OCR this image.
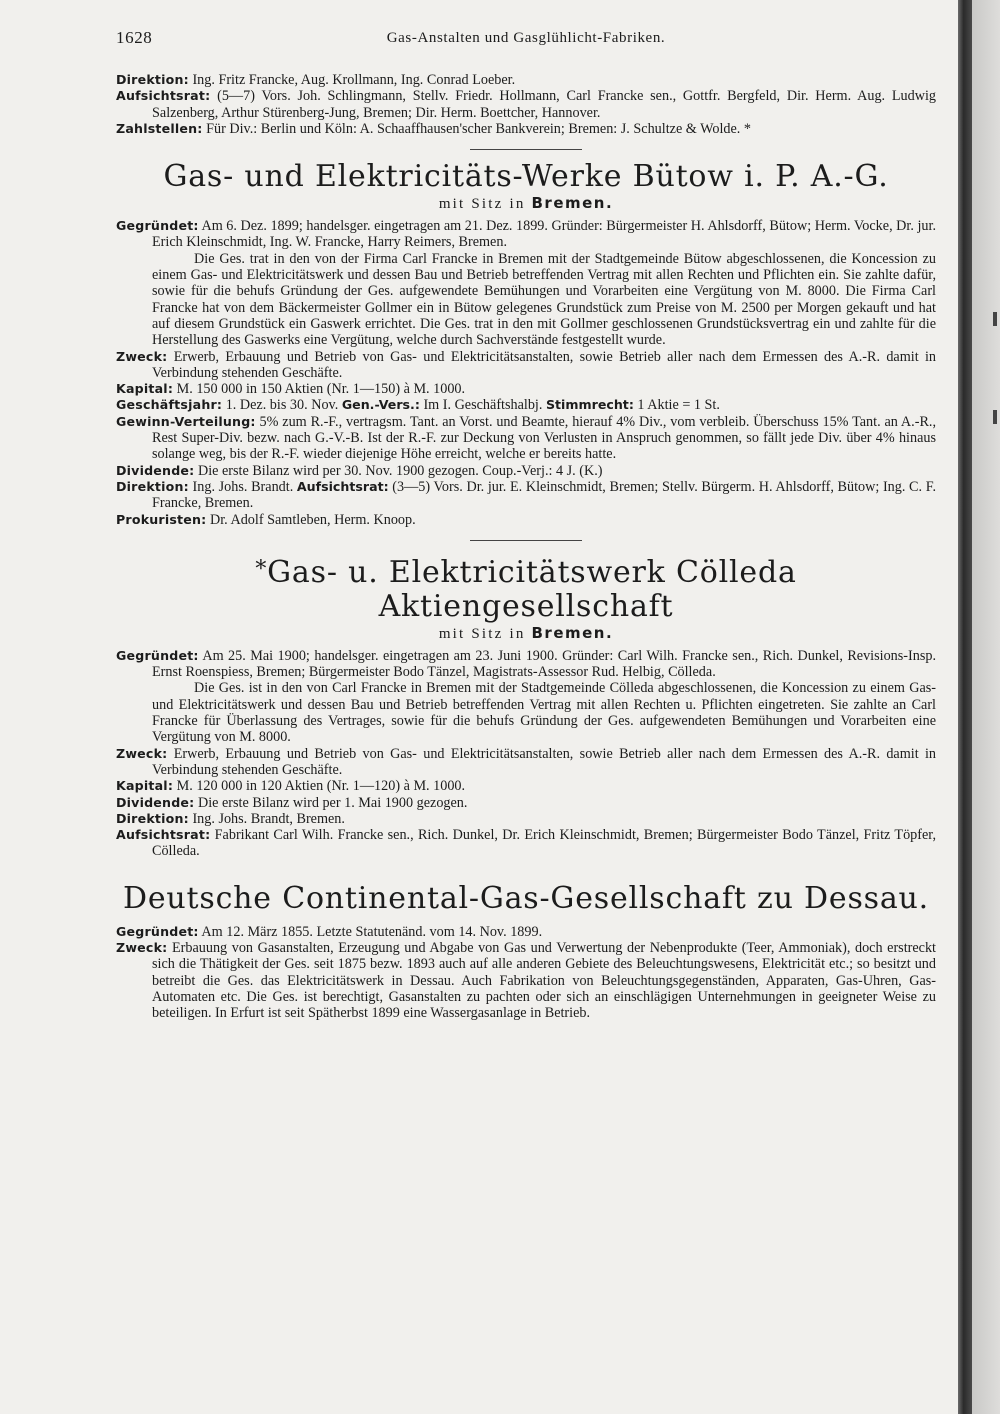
1628	Gas-Anstalten und Gasglühlicht-Fabriken.

Direktion: Ing. Fritz Francke, Aug. Krollmann, Ing. Conrad Loeber.

Aufsichtsrat: (5—7) Vors. Joh. Schlingmann, Stellv. Friedr. Hollmann, Carl Francke sen., Gottfr. Bergfeld, Dir. Herm. Aug. Ludwig Salzenberg, Arthur Stürenberg-Jung, Bremen; Dir. Herm. Boettcher, Hannover.

Zahlstellen: Für Div.: Berlin und Köln: A. Schaaffhausen'scher Bankverein; Bremen: J. Schultze & Wolde. *

Gas- und Elektricitäts-Werke Bütow i. P. A.-G.

mit Sitz in Bremen.

Gegründet: Am 6. Dez. 1899; handelsger. eingetragen am 21. Dez. 1899. Gründer: Bürgermeister H. Ahlsdorff, Bütow; Herm. Vocke, Dr. jur. Erich Kleinschmidt, Ing. W. Francke, Harry Reimers, Bremen.

Die Ges. trat in den von der Firma Carl Francke in Bremen mit der Stadtgemeinde Bütow abgeschlossenen, die Koncession zu einem Gas- und Elektricitätswerk und dessen Bau und Betrieb betreffenden Vertrag mit allen Rechten und Pflichten ein. Sie zahlte dafür, sowie für die behufs Gründung der Ges. aufgewendete Bemühungen und Vorarbeiten eine Vergütung von M. 8000. Die Firma Carl Francke hat von dem Bäckermeister Gollmer ein in Bütow gelegenes Grundstück zum Preise von M. 2500 per Morgen gekauft und hat auf diesem Grundstück ein Gaswerk errichtet. Die Ges. trat in den mit Gollmer geschlossenen Grundstücksvertrag ein und zahlte für die Herstellung des Gaswerks eine Vergütung, welche durch Sachverstände festgestellt wurde.

Zweck: Erwerb, Erbauung und Betrieb von Gas- und Elektricitätsanstalten, sowie Betrieb aller nach dem Ermessen des A.-R. damit in Verbindung stehenden Geschäfte.

Kapital: M. 150 000 in 150 Aktien (Nr. 1—150) à M. 1000.

Geschäftsjahr: 1. Dez. bis 30. Nov. Gen.-Vers.: Im I. Geschäftshalbj. Stimmrecht: 1 Aktie = 1 St.

Gewinn-Verteilung: 5% zum R.-F., vertragsm. Tant. an Vorst. und Beamte, hierauf 4% Div., vom verbleib. Überschuss 15% Tant. an A.-R., Rest Super-Div. bezw. nach G.-V.-B. Ist der R.-F. zur Deckung von Verlusten in Anspruch genommen, so fällt jede Div. über 4% hinaus solange weg, bis der R.-F. wieder diejenige Höhe erreicht, welche er bereits hatte.

Dividende: Die erste Bilanz wird per 30. Nov. 1900 gezogen. Coup.-Verj.: 4 J. (K.)

Direktion: Ing. Johs. Brandt. Aufsichtsrat: (3—5) Vors. Dr. jur. E. Kleinschmidt, Bremen; Stellv. Bürgerm. H. Ahlsdorff, Bütow; Ing. C. F. Francke, Bremen.

Prokuristen: Dr. Adolf Samtleben, Herm. Knoop.

*Gas- u. Elektricitätswerk Cölleda Aktiengesellschaft

mit Sitz in Bremen.

Gegründet: Am 25. Mai 1900; handelsger. eingetragen am 23. Juni 1900. Gründer: Carl Wilh. Francke sen., Rich. Dunkel, Revisions-Insp. Ernst Roenspiess, Bremen; Bürgermeister Bodo Tänzel, Magistrats-Assessor Rud. Helbig, Cölleda.

Die Ges. ist in den von Carl Francke in Bremen mit der Stadtgemeinde Cölleda abgeschlossenen, die Koncession zu einem Gas- und Elektricitätswerk und dessen Bau und Betrieb betreffenden Vertrag mit allen Rechten u. Pflichten eingetreten. Sie zahlte an Carl Francke für Überlassung des Vertrages, sowie für die behufs Gründung der Ges. aufgewendeten Bemühungen und Vorarbeiten eine Vergütung von M. 8000.

Zweck: Erwerb, Erbauung und Betrieb von Gas- und Elektricitätsanstalten, sowie Betrieb aller nach dem Ermessen des A.-R. damit in Verbindung stehenden Geschäfte.

Kapital: M. 120 000 in 120 Aktien (Nr. 1—120) à M. 1000.

Dividende: Die erste Bilanz wird per 1. Mai 1900 gezogen.

Direktion: Ing. Johs. Brandt, Bremen.

Aufsichtsrat: Fabrikant Carl Wilh. Francke sen., Rich. Dunkel, Dr. Erich Kleinschmidt, Bremen; Bürgermeister Bodo Tänzel, Fritz Töpfer, Cölleda.

Deutsche Continental-Gas-Gesellschaft zu Dessau.

Gegründet: Am 12. März 1855. Letzte Statutenänd. vom 14. Nov. 1899.

Zweck: Erbauung von Gasanstalten, Erzeugung und Abgabe von Gas und Verwertung der Nebenprodukte (Teer, Ammoniak), doch erstreckt sich die Thätigkeit der Ges. seit 1875 bezw. 1893 auch auf alle anderen Gebiete des Beleuchtungswesens, Elektricität etc.; so besitzt und betreibt die Ges. das Elektricitätswerk in Dessau. Auch Fabrikation von Beleuchtungsgegenständen, Apparaten, Gas-Uhren, Gas-Automaten etc. Die Ges. ist berechtigt, Gasanstalten zu pachten oder sich an einschlägigen Unternehmungen in geeigneter Weise zu beteiligen. In Erfurt ist seit Spätherbst 1899 eine Wassergasanlage in Betrieb.
